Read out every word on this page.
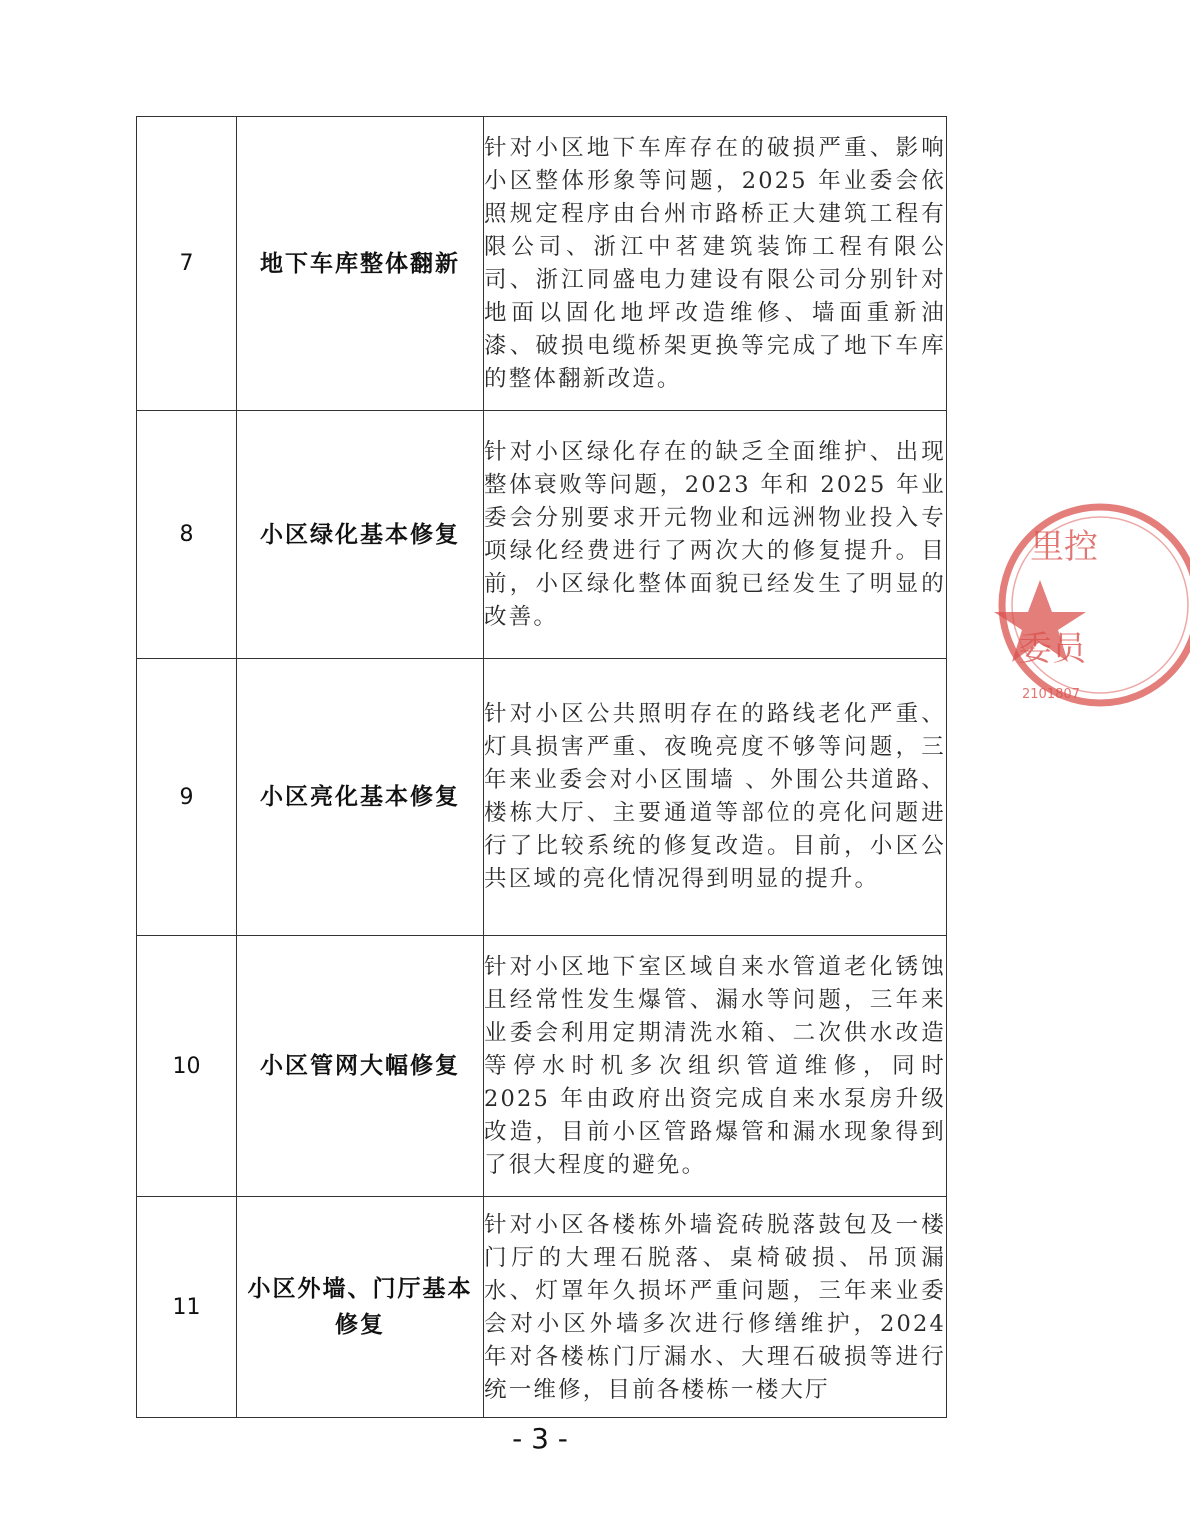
7	地下车库整体翻新	针对小区地下车库存在的破损严重、影响小区整体形象等问题，2025 年业委会依照规定程序由台州市路桥正大建筑工程有限公司、浙江中茗建筑装饰工程有限公司、浙江同盛电力建设有限公司分别针对地面以固化地坪改造维修、墙面重新油漆、破损电缆桥架更换等完成了地下车库的整体翻新改造。
8	小区绿化基本修复	针对小区绿化存在的缺乏全面维护、出现整体衰败等问题，2023 年和 2025 年业委会分别要求开元物业和远洲物业投入专项绿化经费进行了两次大的修复提升。目前，小区绿化整体面貌已经发生了明显的改善。
9	小区亮化基本修复	针对小区公共照明存在的路线老化严重、灯具损害严重、夜晚亮度不够等问题，三年来业委会对小区围墙 、外围公共道路、楼栋大厅、主要通道等部位的亮化问题进行了比较系统的修复改造。目前，小区公共区域的亮化情况得到明显的提升。
10	小区管网大幅修复	针对小区地下室区域自来水管道老化锈蚀且经常性发生爆管、漏水等问题，三年来业委会利用定期清洗水箱、二次供水改造等停水时机多次组织管道维修，同时 2025 年由政府出资完成自来水泵房升级改造，目前小区管路爆管和漏水现象得到了很大程度的避免。
11	小区外墙、门厅基本修复	针对小区各楼栋外墙瓷砖脱落鼓包及一楼门厅的大理石脱落、桌椅破损、吊顶漏水、灯罩年久损坏严重问题，三年来业委会对小区外墙多次进行修缮维护，2024 年对各楼栋门厅漏水、大理石破损等进行统一维修，目前各楼栋一楼大厅
里控
委员
2101807
- 3 -
